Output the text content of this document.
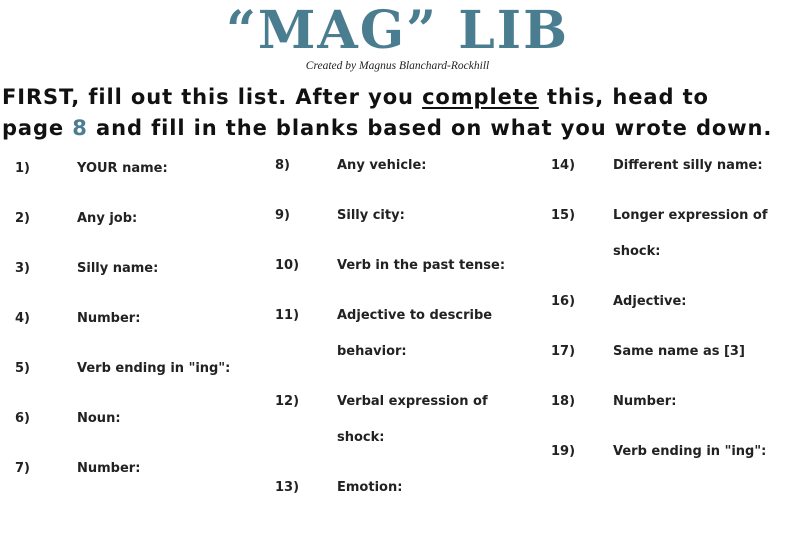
“MAG” LIB
Created by Magnus Blanchard-Rockhill
FIRST, fill out this list. After you complete this, head to
page 8 and fill in the blanks based on what you wrote down.
1)	YOUR name:
2)	Any job:
3)	Silly name:
4)	Number:
5)	Verb ending in "ing":
6)	Noun:
7)	Number:
8)	Any vehicle:
9)	Silly city:
10)	Verb in the past tense:
11)	Adjective to describe
behavior:
12)	Verbal expression of
shock:
13)	Emotion:
14)	Different silly name:
15)	Longer expression of
shock:
16)	Adjective:
17)	Same name as [3]
18)	Number:
19)	Verb ending in "ing":
